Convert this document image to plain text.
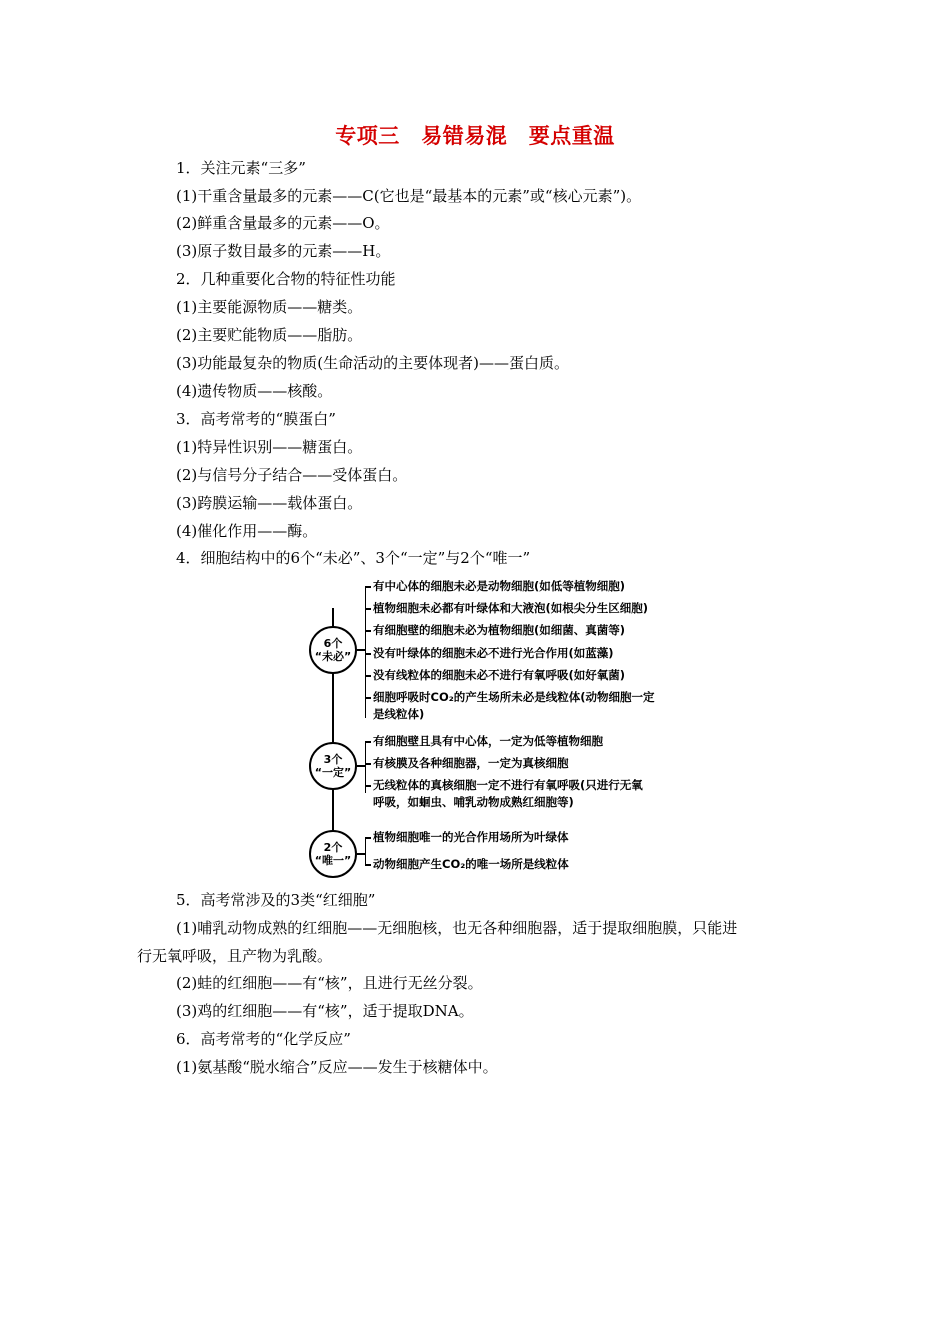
专项三　易错易混　要点重温
1．关注元素“三多”
(1)干重含量最多的元素——C(它也是“最基本的元素”或“核心元素”)。
(2)鲜重含量最多的元素——O。
(3)原子数目最多的元素——H。
2．几种重要化合物的特征性功能
(1)主要能源物质——糖类。
(2)主要贮能物质——脂肪。
(3)功能最复杂的物质(生命活动的主要体现者)——蛋白质。
(4)遗传物质——核酸。
3．高考常考的“膜蛋白”
(1)特异性识别——糖蛋白。
(2)与信号分子结合——受体蛋白。
(3)跨膜运输——载体蛋白。
(4)催化作用——酶。
4．细胞结构中的6个“未必”、3个“一定”与2个“唯一”
6个
“未必”
有中心体的细胞未必是动物细胞(如低等植物细胞)
植物细胞未必都有叶绿体和大液泡(如根尖分生区细胞)
有细胞壁的细胞未必为植物细胞(如细菌、真菌等)
没有叶绿体的细胞未必不进行光合作用(如蓝藻)
没有线粒体的细胞未必不进行有氧呼吸(如好氧菌)
细胞呼吸时CO₂的产生场所未必是线粒体(动物细胞一定
是线粒体)
3个
“一定”
有细胞壁且具有中心体，一定为低等植物细胞
有核膜及各种细胞器，一定为真核细胞
无线粒体的真核细胞一定不进行有氧呼吸(只进行无氧
呼吸，如蛔虫、哺乳动物成熟红细胞等)
2个
“唯一”
植物细胞唯一的光合作用场所为叶绿体
动物细胞产生CO₂的唯一场所是线粒体
5．高考常涉及的3类“红细胞”
(1)哺乳动物成熟的红细胞——无细胞核，也无各种细胞器，适于提取细胞膜，只能进
行无氧呼吸，且产物为乳酸。
(2)蛙的红细胞——有“核”，且进行无丝分裂。
(3)鸡的红细胞——有“核”，适于提取DNA。
6．高考常考的“化学反应”
(1)氨基酸“脱水缩合”反应——发生于核糖体中。
